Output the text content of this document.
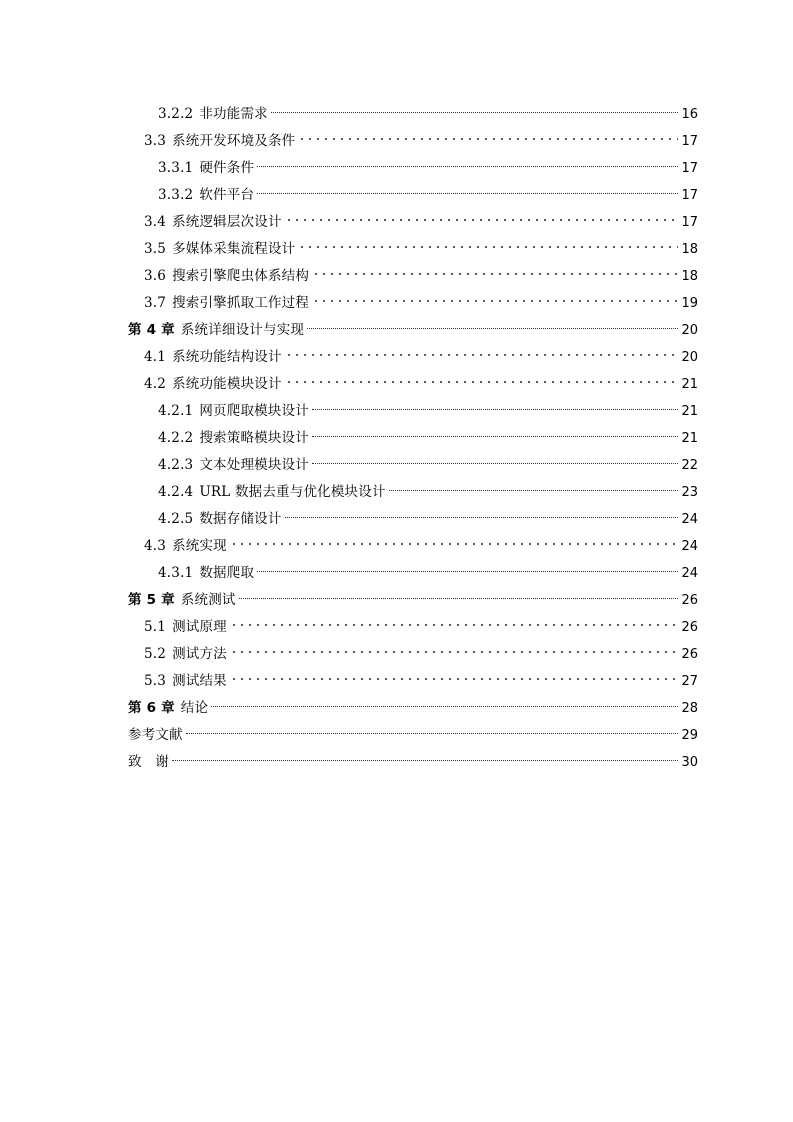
3.2.2 非功能需求	16
3.3 系统开发环境及条件	17
3.3.1 硬件条件	17
3.3.2 软件平台	17
3.4 系统逻辑层次设计	17
3.5 多媒体采集流程设计	18
3.6 搜索引擎爬虫体系结构	18
3.7 搜索引擎抓取工作过程	19
第 4 章 系统详细设计与实现	20
4.1 系统功能结构设计	20
4.2 系统功能模块设计	21
4.2.1 网页爬取模块设计	21
4.2.2 搜索策略模块设计	21
4.2.3 文本处理模块设计	22
4.2.4 URL 数据去重与优化模块设计	23
4.2.5 数据存储设计	24
4.3 系统实现	24
4.3.1 数据爬取	24
第 5 章 系统测试	26
5.1 测试原理	26
5.2 测试方法	26
5.3 测试结果	27
第 6 章 结论	28
参考文献	29
致　谢	30
